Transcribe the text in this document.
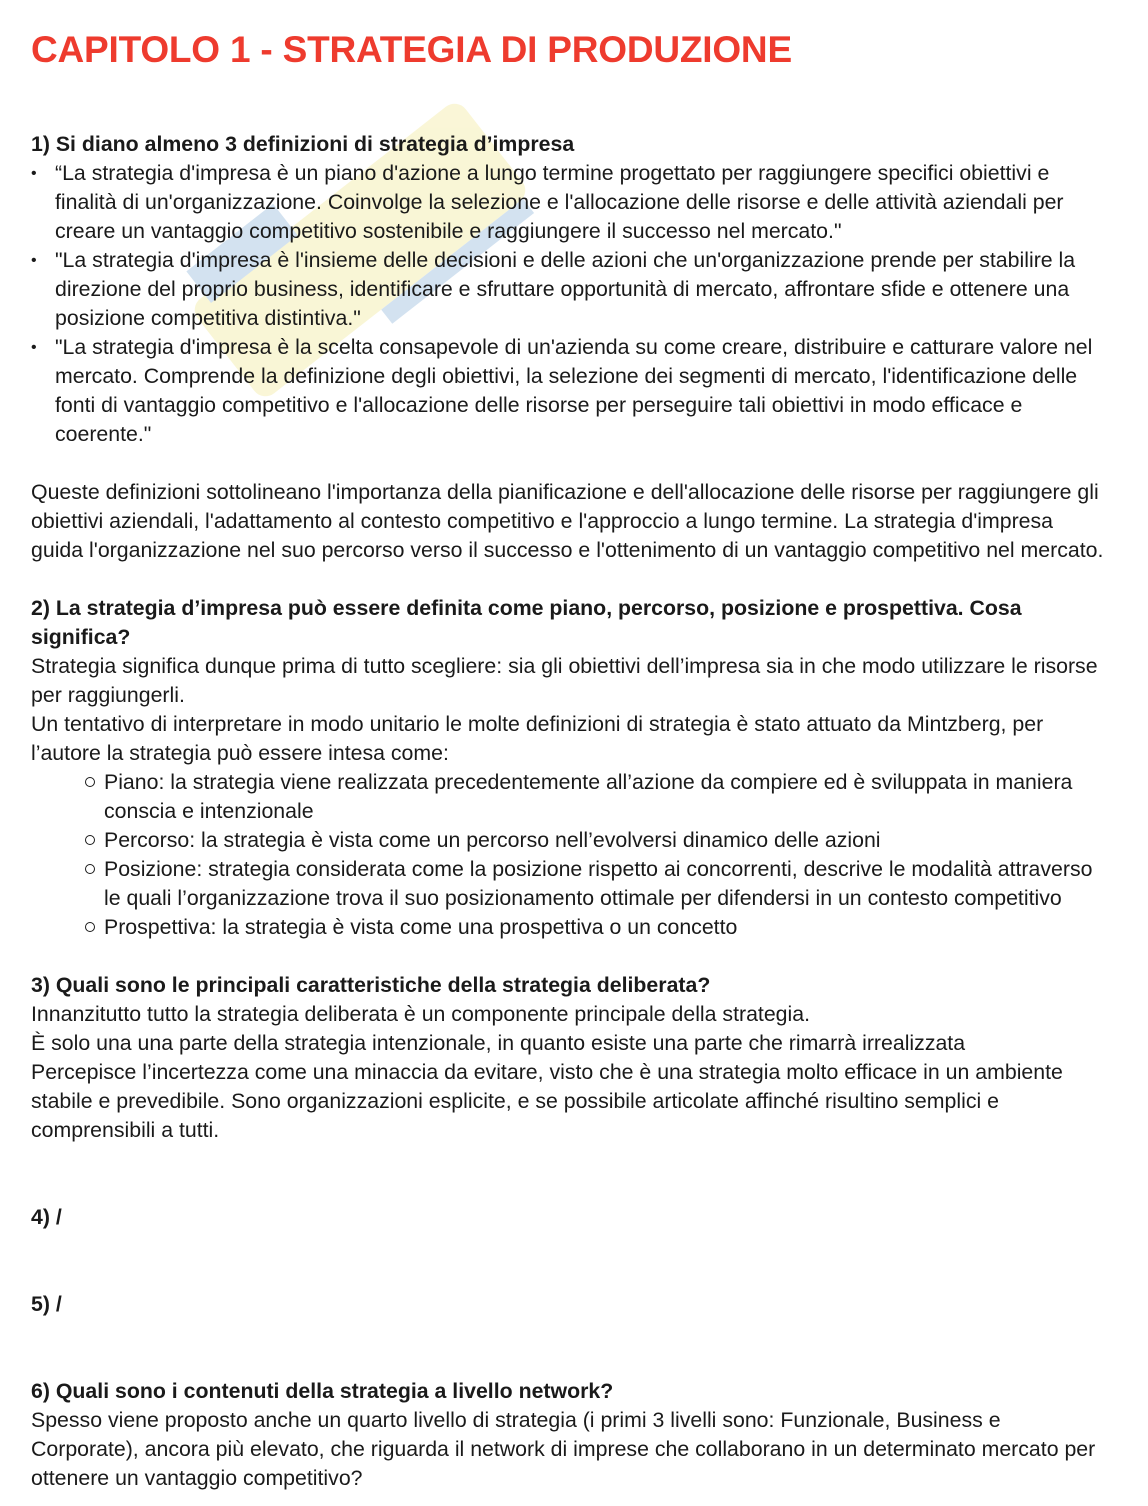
CAPITOLO 1 - STRATEGIA DI PRODUZIONE

1) Si diano almeno 3 definizioni di strategia d’impresa

• “La strategia d'impresa è un piano d'azione a lungo termine progettato per raggiungere specifici obiettivi e finalità di un'organizzazione. Coinvolge la selezione e l'allocazione delle risorse e delle attività aziendali per creare un vantaggio competitivo sostenibile e raggiungere il successo nel mercato."
• "La strategia d'impresa è l'insieme delle decisioni e delle azioni che un'organizzazione prende per stabilire la direzione del proprio business, identificare e sfruttare opportunità di mercato, affrontare sfide e ottenere una posizione competitiva distintiva."
• "La strategia d'impresa è la scelta consapevole di un'azienda su come creare, distribuire e catturare valore nel mercato. Comprende la definizione degli obiettivi, la selezione dei segmenti di mercato, l'identificazione delle fonti di vantaggio competitivo e l'allocazione delle risorse per perseguire tali obiettivi in modo efficace e coerente."

Queste definizioni sottolineano l'importanza della pianificazione e dell'allocazione delle risorse per raggiungere gli obiettivi aziendali, l'adattamento al contesto competitivo e l'approccio a lungo termine. La strategia d'impresa guida l'organizzazione nel suo percorso verso il successo e l'ottenimento di un vantaggio competitivo nel mercato.

2) La strategia d’impresa può essere definita come piano, percorso, posizione e prospettiva. Cosa significa?

Strategia significa dunque prima di tutto scegliere: sia gli obiettivi dell’impresa sia in che modo utilizzare le risorse per raggiungerli.

Un tentativo di interpretare in modo unitario le molte definizioni di strategia è stato attuato da Mintzberg, per l’autore la strategia può essere intesa come:

Piano: la strategia viene realizzata precedentemente all’azione da compiere ed è sviluppata in maniera conscia e intenzionale
Percorso: la strategia è vista come un percorso nell’evolversi dinamico delle azioni
Posizione: strategia considerata come la posizione rispetto ai concorrenti, descrive le modalità attraverso le quali l’organizzazione trova il suo posizionamento ottimale per difendersi in un contesto competitivo
Prospettiva: la strategia è vista come una prospettiva o un concetto

3) Quali sono le principali caratteristiche della strategia deliberata?

Innanzitutto tutto la strategia deliberata è un componente principale della strategia.

È solo una una parte della strategia intenzionale, in quanto esiste una parte che rimarrà irrealizzata

Percepisce l’incertezza come una minaccia da evitare, visto che è una strategia molto efficace in un ambiente stabile e prevedibile. Sono organizzazioni esplicite, e se possibile articolate affinché risultino semplici e comprensibili a tutti.

4) /

5) /

6) Quali sono i contenuti della strategia a livello network?

Spesso viene proposto anche un quarto livello di strategia (i primi 3 livelli sono: Funzionale, Business e Corporate), ancora più elevato, che riguarda il network di imprese che collaborano in un determinato mercato per ottenere un vantaggio competitivo?
